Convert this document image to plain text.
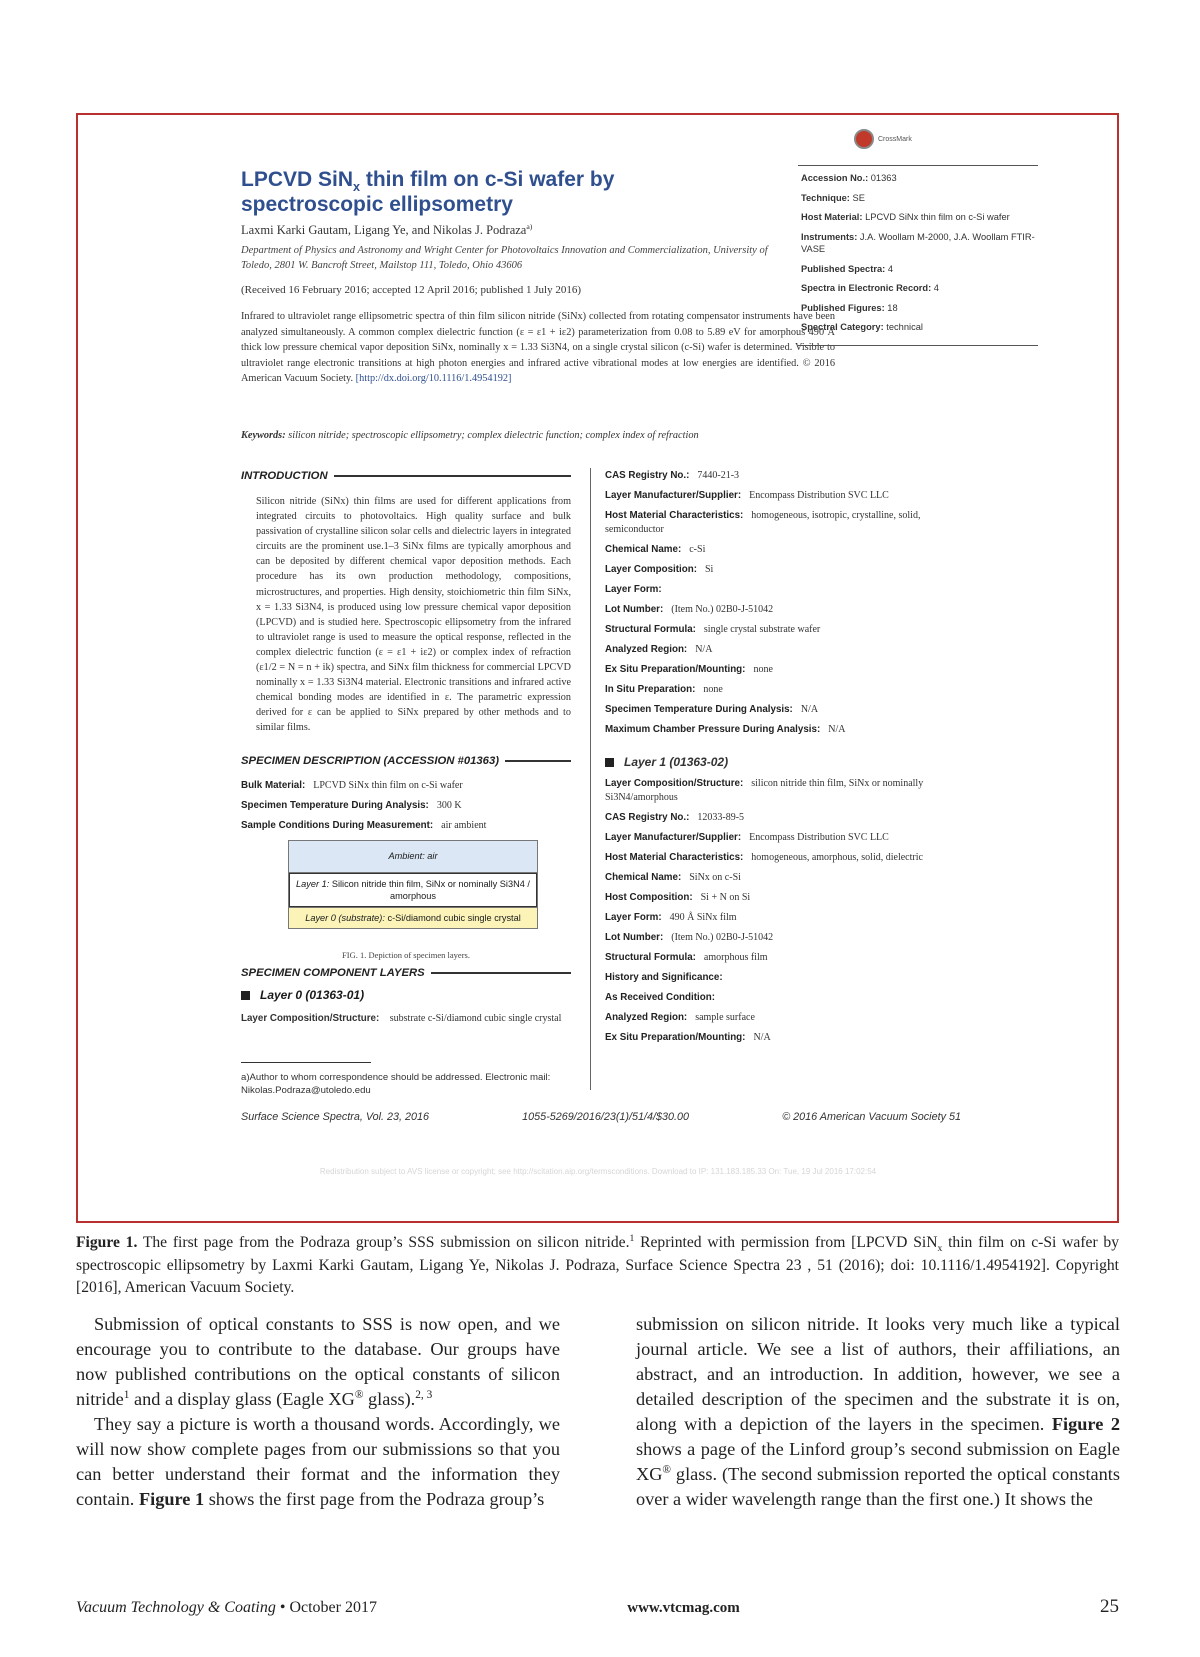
CrossMark
LPCVD SiN$_x$ thin film on c-Si wafer by
spectroscopic ellipsometry
Laxmi Karki Gautam, Ligang Ye, and Nikolas J. Podraza$^{a)}$
Department of Physics and Astronomy and Wright Center for Photovoltaics Innovation and Commercialization, University of Toledo, 2801 W. Bancroft Street, Mailstop 111, Toledo, Ohio 43606
(Received 16 February 2016; accepted 12 April 2016; published 1 July 2016)
Infrared to ultraviolet range ellipsometric spectra of thin film silicon nitride (SiNx) collected from rotating compensator instruments have been analyzed simultaneously. A common complex dielectric function (ε = ε1 + iε2) parameterization from 0.08 to 5.89 eV for amorphous 490 Å thick low pressure chemical vapor deposition SiNx, nominally x = 1.33 Si3N4, on a single crystal silicon (c-Si) wafer is determined. Visible to ultraviolet range electronic transitions at high photon energies and infrared active vibrational modes at low energies are identified. © 2016 American Vacuum Society. [http://dx.doi.org/10.1116/1.4954192]
Keywords: silicon nitride; spectroscopic ellipsometry; complex dielectric function; complex index of refraction
Accession No.: 01363
Technique: SE
Host Material: LPCVD SiNx thin film on c-Si wafer
Instruments: J.A. Woollam M-2000, J.A. Woollam FTIR-VASE
Published Spectra: 4
Spectra in Electronic Record: 4
Published Figures: 18
Spectral Category: technical
INTRODUCTION
Silicon nitride (SiNx) thin films are used for different applications from integrated circuits to photovoltaics. High quality surface and bulk passivation of crystalline silicon solar cells and dielectric layers in integrated circuits are the prominent use.1–3 SiNx films are typically amorphous and can be deposited by different chemical vapor deposition methods. Each procedure has its own production methodology, compositions, microstructures, and properties. High density, stoichiometric thin film SiNx, x = 1.33 Si3N4, is produced using low pressure chemical vapor deposition (LPCVD) and is studied here. Spectroscopic ellipsometry from the infrared to ultraviolet range is used to measure the optical response, reflected in the complex dielectric function (ε = ε1 + iε2) or complex index of refraction (ε1/2 = N = n + ik) spectra, and SiNx film thickness for commercial LPCVD nominally x = 1.33 Si3N4 material. Electronic transitions and infrared active chemical bonding modes are identified in ε. The parametric expression derived for ε can be applied to SiNx prepared by other methods and to similar films.
SPECIMEN DESCRIPTION (ACCESSION #01363)
Bulk Material: LPCVD SiNx thin film on c-Si wafer
Specimen Temperature During Analysis: 300 K
Sample Conditions During Measurement: air ambient
Ambient: air
Layer 1: Silicon nitride thin film, SiNx or nominally Si3N4 / amorphous
Layer 0 (substrate): c-Si/diamond cubic single crystal
FIG. 1. Depiction of specimen layers.
SPECIMEN COMPONENT LAYERS
Layer 0 (01363-01)
Layer Composition/Structure: substrate c-Si/diamond cubic single crystal
a)Author to whom correspondence should be addressed. Electronic mail: Nikolas.Podraza@utoledo.edu
CAS Registry No.: 7440-21-3
Layer Manufacturer/Supplier: Encompass Distribution SVC LLC
Host Material Characteristics: homogeneous, isotropic, crystalline, solid, semiconductor
Chemical Name: c-Si
Layer Composition: Si
Layer Form:
Lot Number: (Item No.) 02B0-J-51042
Structural Formula: single crystal substrate wafer
Analyzed Region: N/A
Ex Situ Preparation/Mounting: none
In Situ Preparation: none
Specimen Temperature During Analysis: N/A
Maximum Chamber Pressure During Analysis: N/A
Layer 1 (01363-02)
Layer Composition/Structure: silicon nitride thin film, SiNx or nominally Si3N4/amorphous
CAS Registry No.: 12033-89-5
Layer Manufacturer/Supplier: Encompass Distribution SVC LLC
Host Material Characteristics: homogeneous, amorphous, solid, dielectric
Chemical Name: SiNx on c-Si
Host Composition: Si + N on Si
Layer Form: 490 Å SiNx film
Lot Number: (Item No.) 02B0-J-51042
Structural Formula: amorphous film
History and Significance:
As Received Condition:
Analyzed Region: sample surface
Ex Situ Preparation/Mounting: N/A
Surface Science Spectra, Vol. 23, 2016	1055-5269/2016/23(1)/51/4/$30.00	© 2016 American Vacuum Society 51
Redistribution subject to AVS license or copyright; see http://scitation.aip.org/termsconditions. Download to IP: 131.183.185.33 On: Tue, 19 Jul 2016 17:02:54
Figure 1. The first page from the Podraza group’s SSS submission on silicon nitride.$^1$ Reprinted with permission from [LPCVD SiN$_x$ thin film on c-Si wafer by spectroscopic ellipsometry by Laxmi Karki Gautam, Ligang Ye, Nikolas J. Podraza, Surface Science Spectra 23 , 51 (2016); doi: 10.1116/1.4954192]. Copyright [2016], American Vacuum Society.

Submission of optical constants to SSS is now open, and we encourage you to contribute to the database. Our groups have now published contributions on the optical constants of silicon nitride$^1$ and a display glass (Eagle XG® glass).$^{2, 3}$

They say a picture is worth a thousand words. Accordingly, we will now show complete pages from our submissions so that you can better understand their format and the information they contain. Figure 1 shows the first page from the Podraza group’s

submission on silicon nitride. It looks very much like a typical journal article. We see a list of authors, their affiliations, an abstract, and an introduction. In addition, however, we see a detailed description of the specimen and the substrate it is on, along with a depiction of the layers in the specimen. Figure 2 shows a page of the Linford group’s second submission on Eagle XG® glass. (The second submission reported the optical constants over a wider wavelength range than the first one.) It shows the

Vacuum Technology & Coating • October 2017	www.vtcmag.com	25
